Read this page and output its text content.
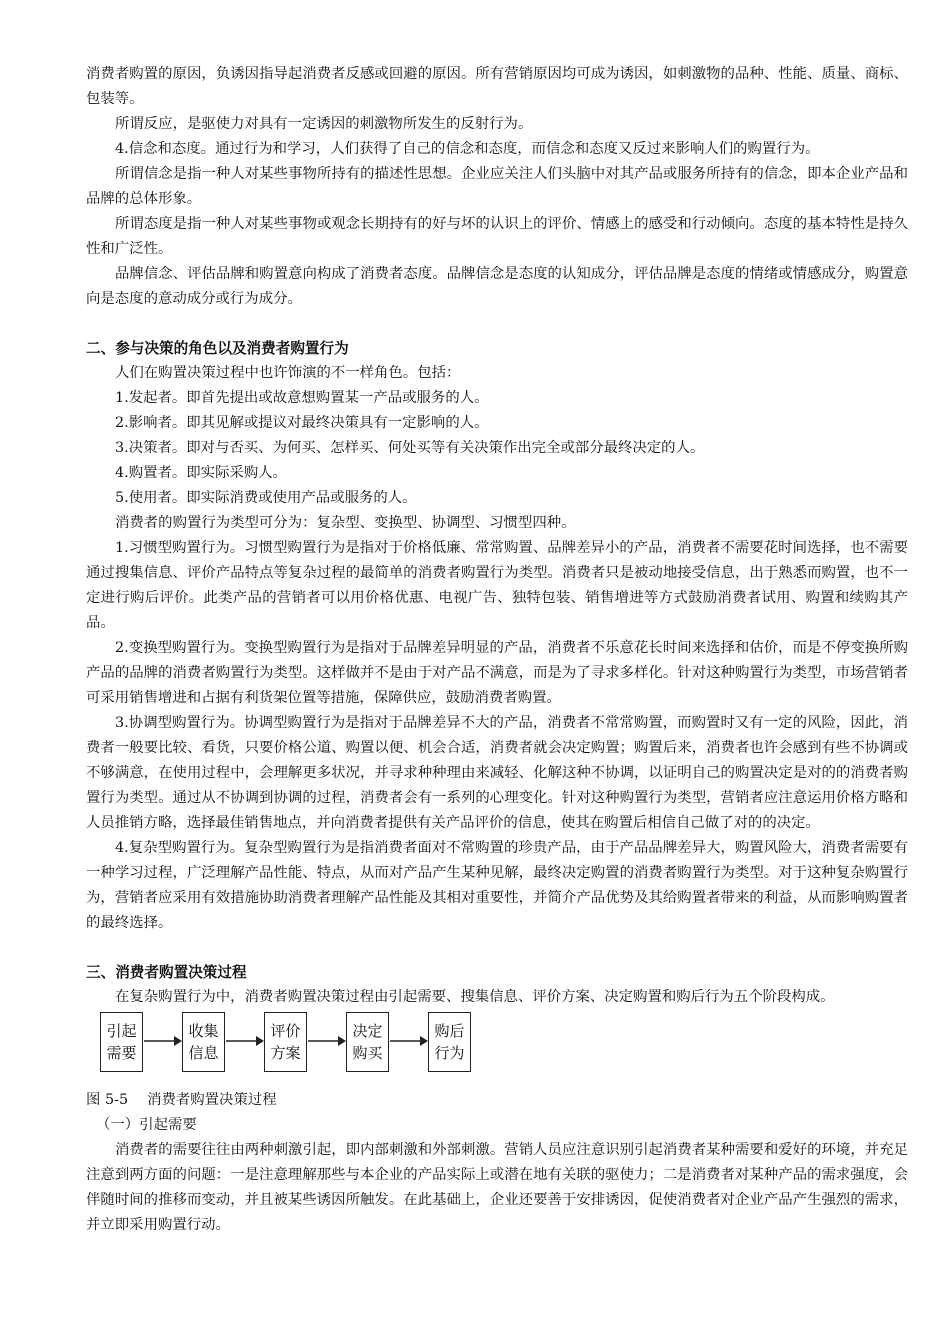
消费者购置的原因，负诱因指导起消费者反感或回避的原因。所有营销原因均可成为诱因，如刺激物的品种、性能、质量、商标、包装等。

所谓反应，是驱使力对具有一定诱因的刺激物所发生的反射行为。

4.信念和态度。通过行为和学习，人们获得了自己的信念和态度，而信念和态度又反过来影响人们的购置行为。

所谓信念是指一种人对某些事物所持有的描述性思想。企业应关注人们头脑中对其产品或服务所持有的信念，即本企业产品和品牌的总体形象。

所谓态度是指一种人对某些事物或观念长期持有的好与坏的认识上的评价、情感上的感受和行动倾向。态度的基本特性是持久性和广泛性。

品牌信念、评估品牌和购置意向构成了消费者态度。品牌信念是态度的认知成分，评估品牌是态度的情绪或情感成分，购置意向是态度的意动成分或行为成分。

二、参与决策的角色以及消费者购置行为

人们在购置决策过程中也许饰演的不一样角色。包括：

1.发起者。即首先提出或故意想购置某一产品或服务的人。

2.影响者。即其见解或提议对最终决策具有一定影响的人。

3.决策者。即对与否买、为何买、怎样买、何处买等有关决策作出完全或部分最终决定的人。

4.购置者。即实际采购人。

5.使用者。即实际消费或使用产品或服务的人。

消费者的购置行为类型可分为：复杂型、变换型、协调型、习惯型四种。

1.习惯型购置行为。习惯型购置行为是指对于价格低廉、常常购置、品牌差异小的产品，消费者不需要花时间选择，也不需要通过搜集信息、评价产品特点等复杂过程的最简单的消费者购置行为类型。消费者只是被动地接受信息，出于熟悉而购置，也不一定进行购后评价。此类产品的营销者可以用价格优惠、电视广告、独特包装、销售增进等方式鼓励消费者试用、购置和续购其产品。

2.变换型购置行为。变换型购置行为是指对于品牌差异明显的产品，消费者不乐意花长时间来选择和估价，而是不停变换所购产品的品牌的消费者购置行为类型。这样做并不是由于对产品不满意，而是为了寻求多样化。针对这种购置行为类型，市场营销者可采用销售增进和占据有利货架位置等措施，保障供应，鼓励消费者购置。

3.协调型购置行为。协调型购置行为是指对于品牌差异不大的产品，消费者不常常购置，而购置时又有一定的风险，因此，消费者一般要比较、看货，只要价格公道、购置以便、机会合适，消费者就会决定购置；购置后来，消费者也许会感到有些不协调或不够满意，在使用过程中，会理解更多状况，并寻求种种理由来减轻、化解这种不协调，以证明自己的购置决定是对的的消费者购置行为类型。通过从不协调到协调的过程，消费者会有一系列的心理变化。针对这种购置行为类型，营销者应注意运用价格方略和人员推销方略，选择最佳销售地点，并向消费者提供有关产品评价的信息，使其在购置后相信自己做了对的的决定。

4.复杂型购置行为。复杂型购置行为是指消费者面对不常购置的珍贵产品，由于产品品牌差异大，购置风险大，消费者需要有一种学习过程，广泛理解产品性能、特点，从而对产品产生某种见解，最终决定购置的消费者购置行为类型。对于这种复杂购置行为，营销者应采用有效措施协助消费者理解产品性能及其相对重要性，并简介产品优势及其给购置者带来的利益，从而影响购置者的最终选择。

三、消费者购置决策过程

在复杂购置行为中，消费者购置决策过程由引起需要、搜集信息、评价方案、决定购置和购后行为五个阶段构成。

引起
需要
收集
信息
评价
方案
决定
购买
购后
行为

图 5-5　 消费者购置决策过程

（一）引起需要

消费者的需要往往由两种刺激引起，即内部刺激和外部刺激。营销人员应注意识别引起消费者某种需要和爱好的环境，并充足注意到两方面的问题：一是注意理解那些与本企业的产品实际上或潜在地有关联的驱使力；二是消费者对某种产品的需求强度，会伴随时间的推移而变动，并且被某些诱因所触发。在此基础上，企业还要善于安排诱因，促使消费者对企业产品产生强烈的需求，并立即采用购置行动。
